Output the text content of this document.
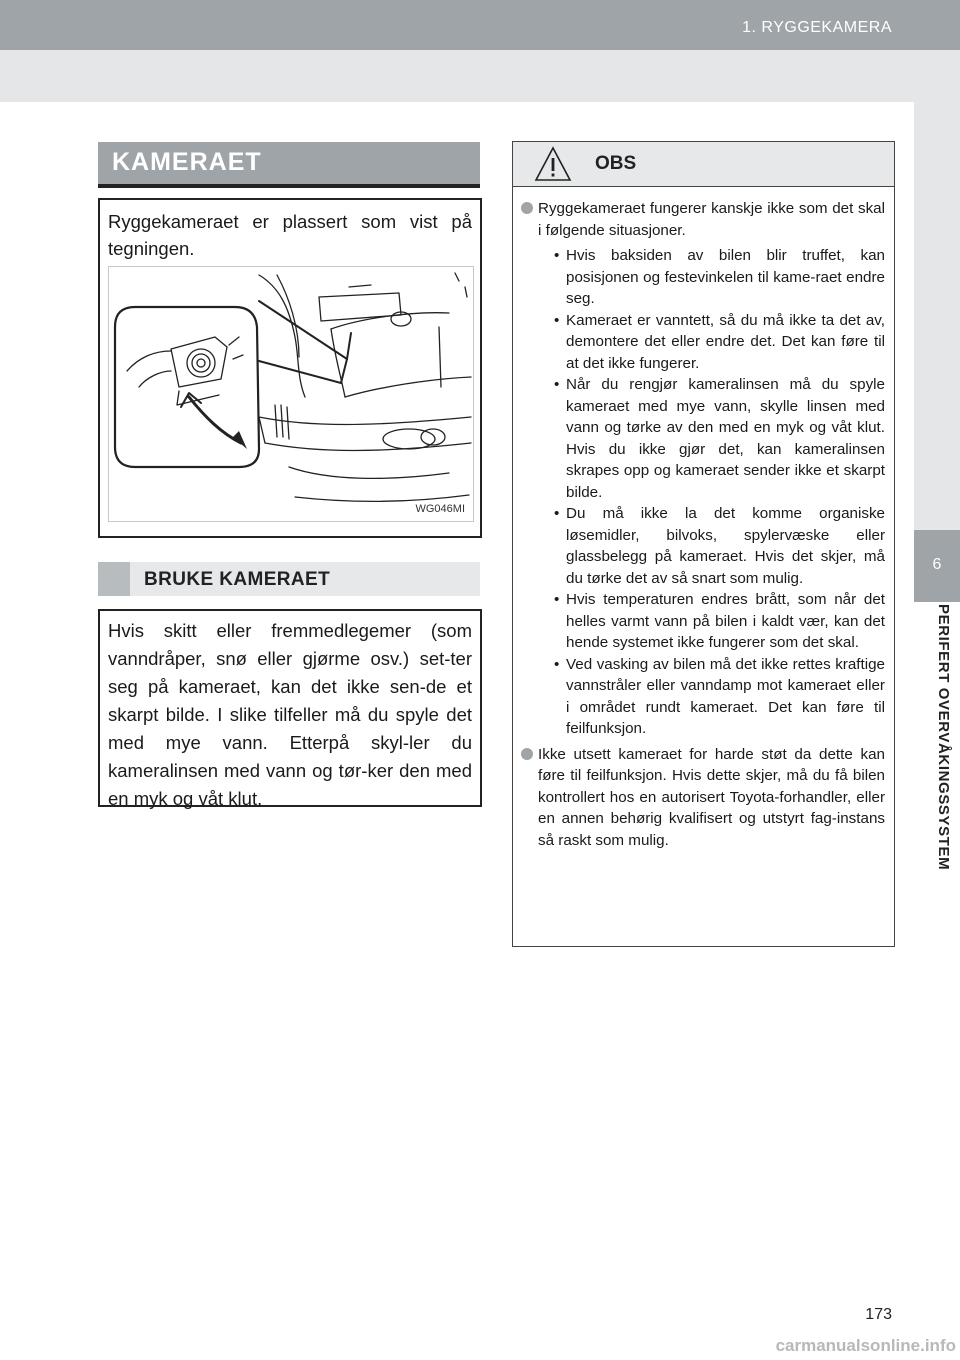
1. RYGGEKAMERA
6
PERIFERT OVERVÅKINGSSYSTEM
KAMERAET
Ryggekameraet er plassert som vist på tegningen.
WG046MI
BRUKE KAMERAET
Hvis skitt eller fremmedlegemer (som vanndråper, snø eller gjørme osv.) set-ter seg på kameraet, kan det ikke sen-de et skarpt bilde. I slike tilfeller må du spyle det med mye vann. Etterpå skyl-ler du kameralinsen med vann og tør-ker den med en myk og våt klut.
OBS
Ryggekameraet fungerer kanskje ikke som det skal i følgende situasjoner.
• Hvis baksiden av bilen blir truffet, kan posisjonen og festevinkelen til kame-raet endre seg.
• Kameraet er vanntett, så du må ikke ta det av, demontere det eller endre det. Det kan føre til at det ikke fungerer.
• Når du rengjør kameralinsen må du spyle kameraet med mye vann, skylle linsen med vann og tørke av den med en myk og våt klut. Hvis du ikke gjør det, kan kameralinsen skrapes opp og kameraet sender ikke et skarpt bilde.
• Du må ikke la det komme organiske løsemidler, bilvoks, spylervæske eller glassbelegg på kameraet. Hvis det skjer, må du tørke det av så snart som mulig.
• Hvis temperaturen endres brått, som når det helles varmt vann på bilen i kaldt vær, kan det hende systemet ikke fungerer som det skal.
• Ved vasking av bilen må det ikke rettes kraftige vannstråler eller vanndamp mot kameraet eller i området rundt kameraet. Det kan føre til feilfunksjon.
Ikke utsett kameraet for harde støt da dette kan føre til feilfunksjon. Hvis dette skjer, må du få bilen kontrollert hos en autorisert Toyota-forhandler, eller en annen behørig kvalifisert og utstyrt fag-instans så raskt som mulig.
173
carmanualsonline.info
